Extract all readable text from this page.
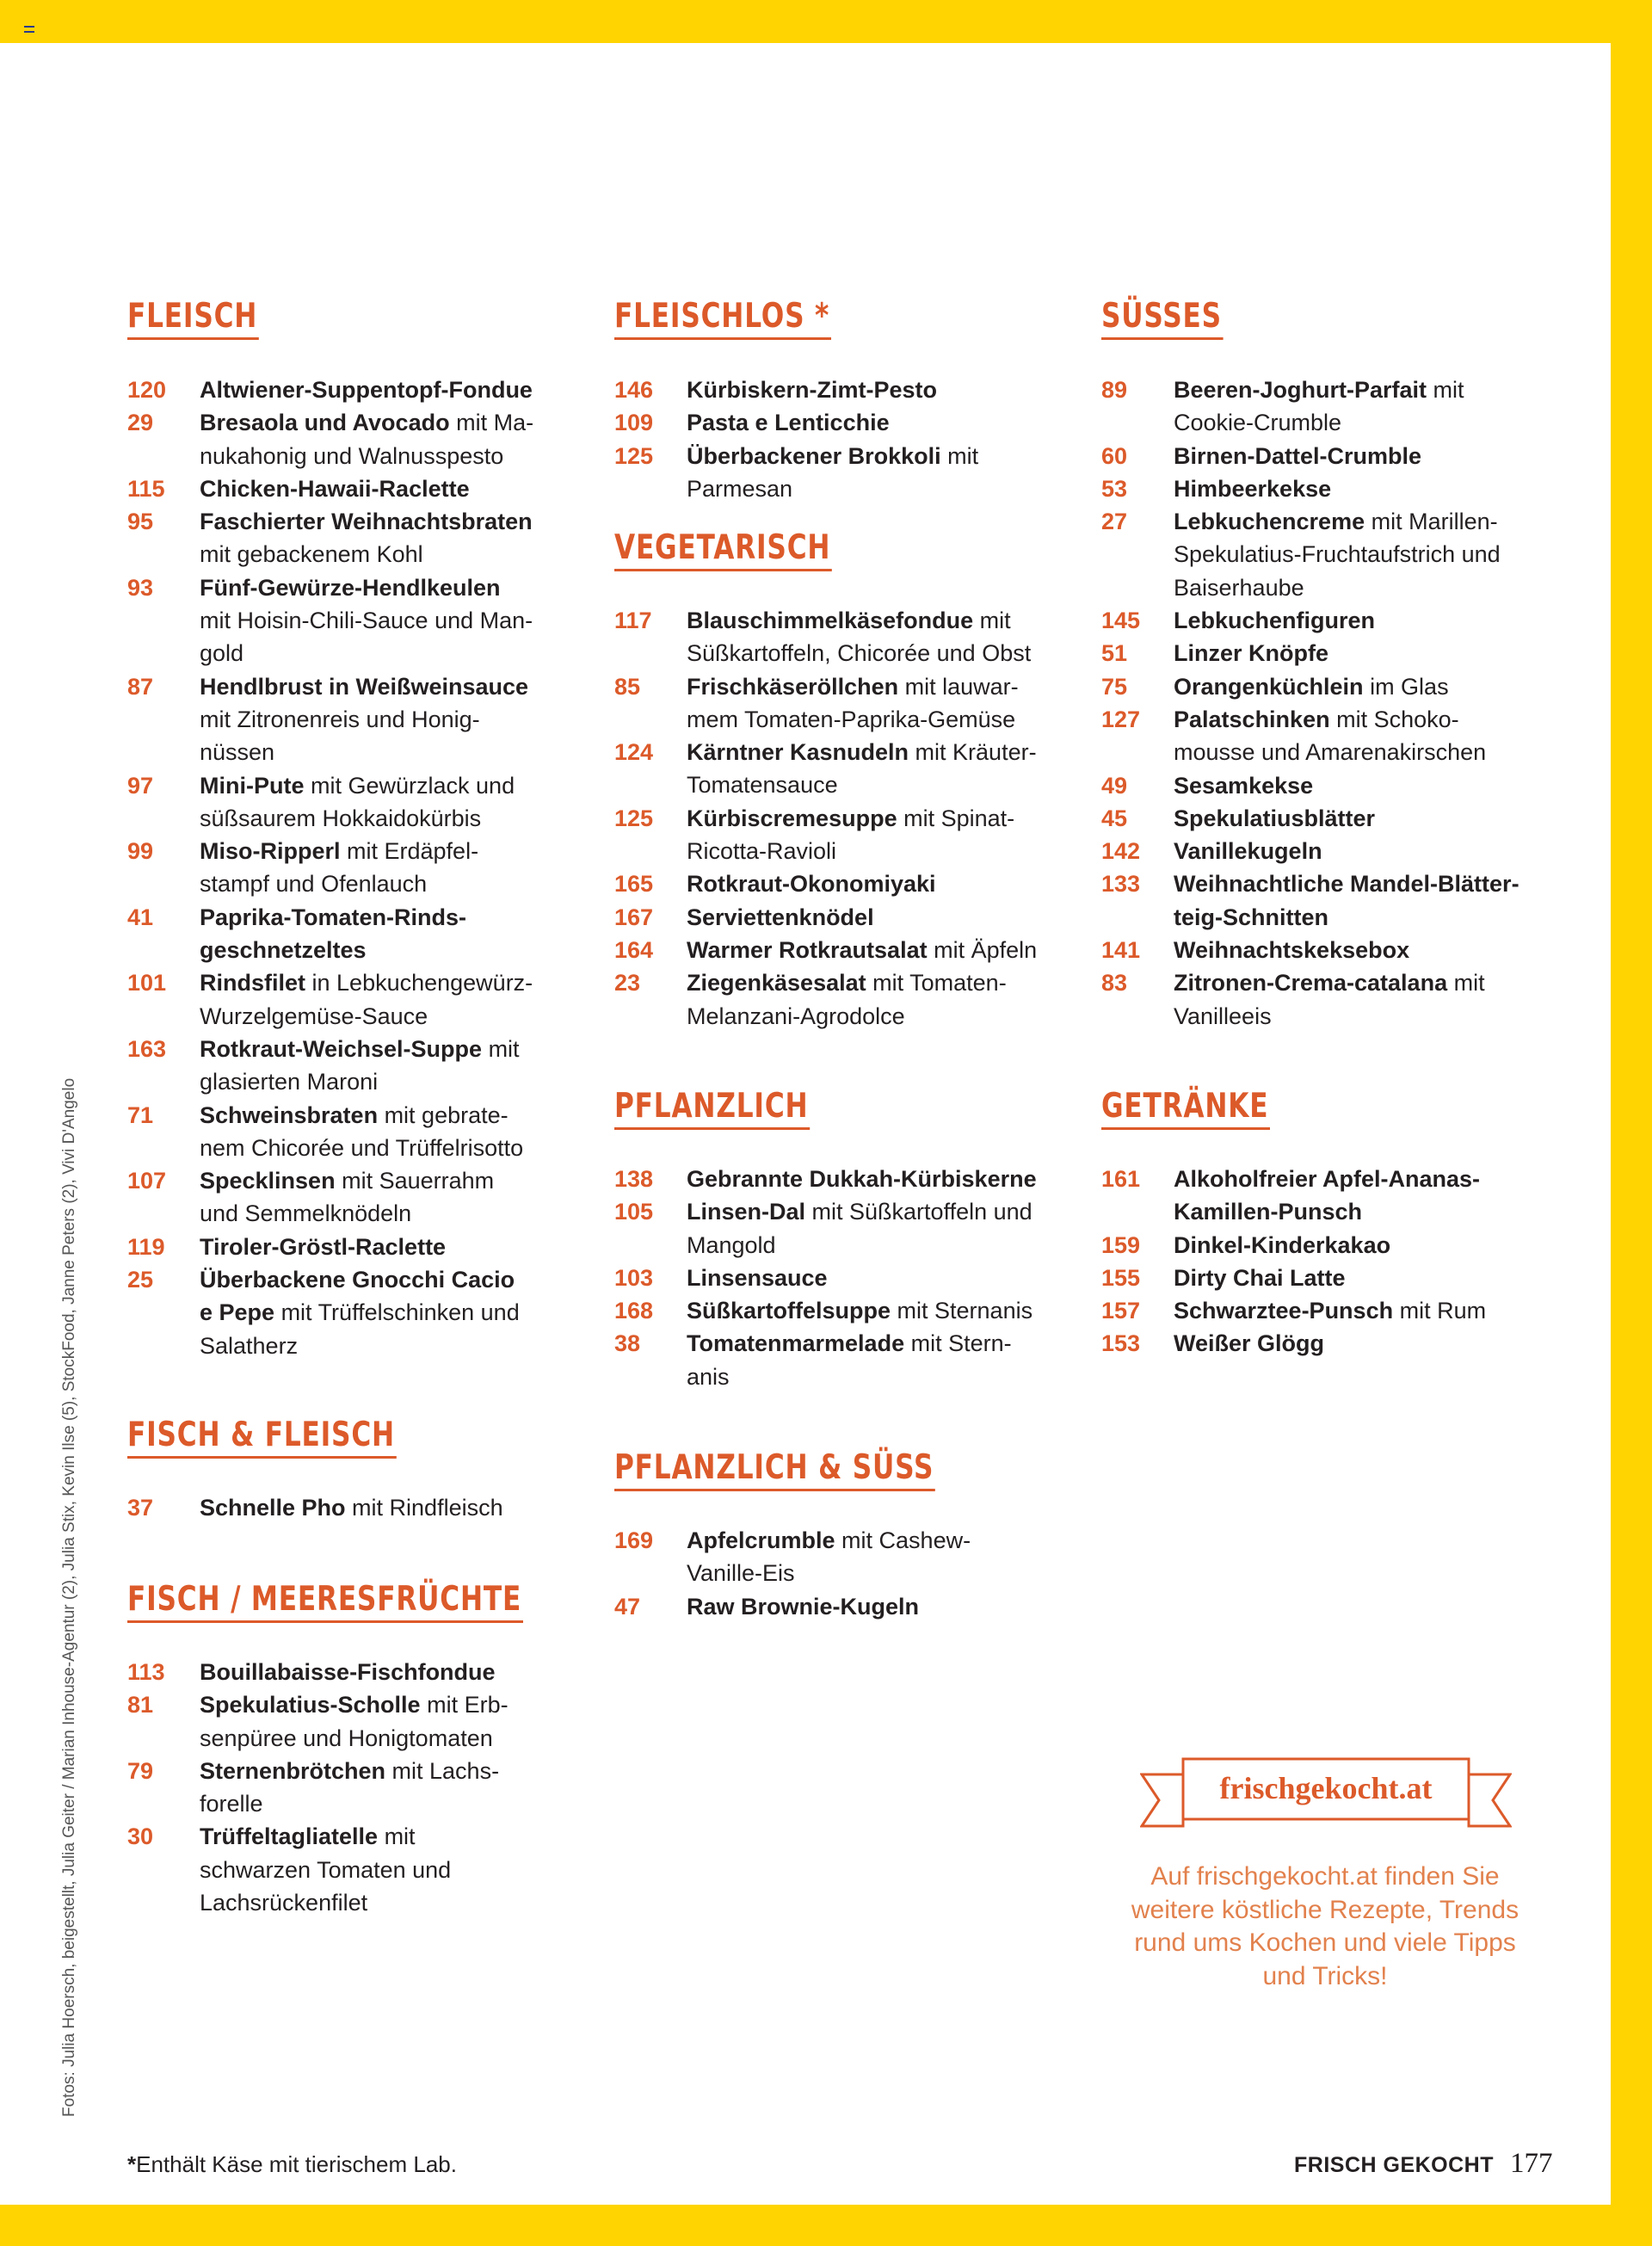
FLEISCH
120	Altwiener-Suppentopf-Fondue
29	Bresaola und Avocado mit Ma-
nukahonig und Walnusspesto
115	Chicken-Hawaii-Raclette
95	Faschierter Weihnachtsbraten
mit gebackenem Kohl
93	Fünf-Gewürze-Hendlkeulen
mit Hoisin-Chili-Sauce und Man-
gold
87	Hendlbrust in Weißweinsauce
mit Zitronenreis und Honig-
nüssen
97	Mini-Pute mit Gewürzlack und
süßsaurem Hokkaidokürbis
99	Miso-Ripperl mit Erdäpfel-
stampf und Ofenlauch
41	Paprika-Tomaten-Rinds-
geschnetzeltes
101	Rindsfilet in Lebkuchengewürz-
Wurzelgemüse-Sauce
163	Rotkraut-Weichsel-Suppe mit
glasierten Maroni
71	Schweinsbraten mit gebrate-
nem Chicorée und Trüffelrisotto
107	Specklinsen mit Sauerrahm
und Semmelknödeln
119	Tiroler-Gröstl-Raclette
25	Überbackene Gnocchi Cacio
e Pepe mit Trüffelschinken und
Salatherz
FISCH & FLEISCH
37	Schnelle Pho mit Rindfleisch
FISCH / MEERESFRÜCHTE
113	Bouillabaisse-Fischfondue
81	Spekulatius-Scholle mit Erb-
senpüree und Honigtomaten
79	Sternenbrötchen mit Lachs-
forelle
30	Trüffeltagliatelle mit
schwarzen Tomaten und
Lachsrückenfilet
FLEISCHLOS *
146	Kürbiskern-Zimt-Pesto
109	Pasta e Lenticchie
125	Überbackener Brokkoli mit
Parmesan
VEGETARISCH
117	Blauschimmelkäsefondue mit
Süßkartoffeln, Chicorée und Obst
85	Frischkäseröllchen mit lauwar-
mem Tomaten-Paprika-Gemüse
124	Kärntner Kasnudeln mit Kräuter-
Tomatensauce
125	Kürbiscremesuppe mit Spinat-
Ricotta-Ravioli
165	Rotkraut-Okonomiyaki
167	Serviettenknödel
164	Warmer Rotkrautsalat mit Äpfeln
23	Ziegenkäsesalat mit Tomaten-
Melanzani-Agrodolce
PFLANZLICH
138	Gebrannte Dukkah-Kürbiskerne
105	Linsen-Dal mit Süßkartoffeln und
Mangold
103	Linsensauce
168	Süßkartoffelsuppe mit Sternanis
38	Tomatenmarmelade mit Stern-
anis
PFLANZLICH & SÜSS
169	Apfelcrumble mit Cashew-
Vanille-Eis
47	Raw Brownie-Kugeln
SÜSSES
89	Beeren-Joghurt-Parfait mit
Cookie-Crumble
60	Birnen-Dattel-Crumble
53	Himbeerkekse
27	Lebkuchencreme mit Marillen-
Spekulatius-Fruchtaufstrich und
Baiserhaube
145	Lebkuchenfiguren
51	Linzer Knöpfe
75	Orangenküchlein im Glas
127	Palatschinken mit Schoko-
mousse und Amarenakirschen
49	Sesamkekse
45	Spekulatiusblätter
142	Vanillekugeln
133	Weihnachtliche Mandel-Blätter-
teig-Schnitten
141	Weihnachtskeksebox
83	Zitronen-Crema-catalana mit
Vanilleeis
GETRÄNKE
161	Alkoholfreier Apfel-Ananas-
Kamillen-Punsch
159	Dinkel-Kinderkakao
155	Dirty Chai Latte
157	Schwarztee-Punsch mit Rum
153	Weißer Glögg
frischgekocht.at
Auf frischgekocht.at finden Sie weitere köstliche Rezepte, Trends rund ums Kochen und viele Tipps und Tricks!
Fotos: Julia Hoersch, beigestellt, Julia Geiter / Marian Inhouse-Agentur (2), Julia Stix, Kevin Ilse (5), StockFood, Janne Peters (2), Vivi D'Angelo
*Enthält Käse mit tierischem Lab.	FRISCH GEKOCHT 177
